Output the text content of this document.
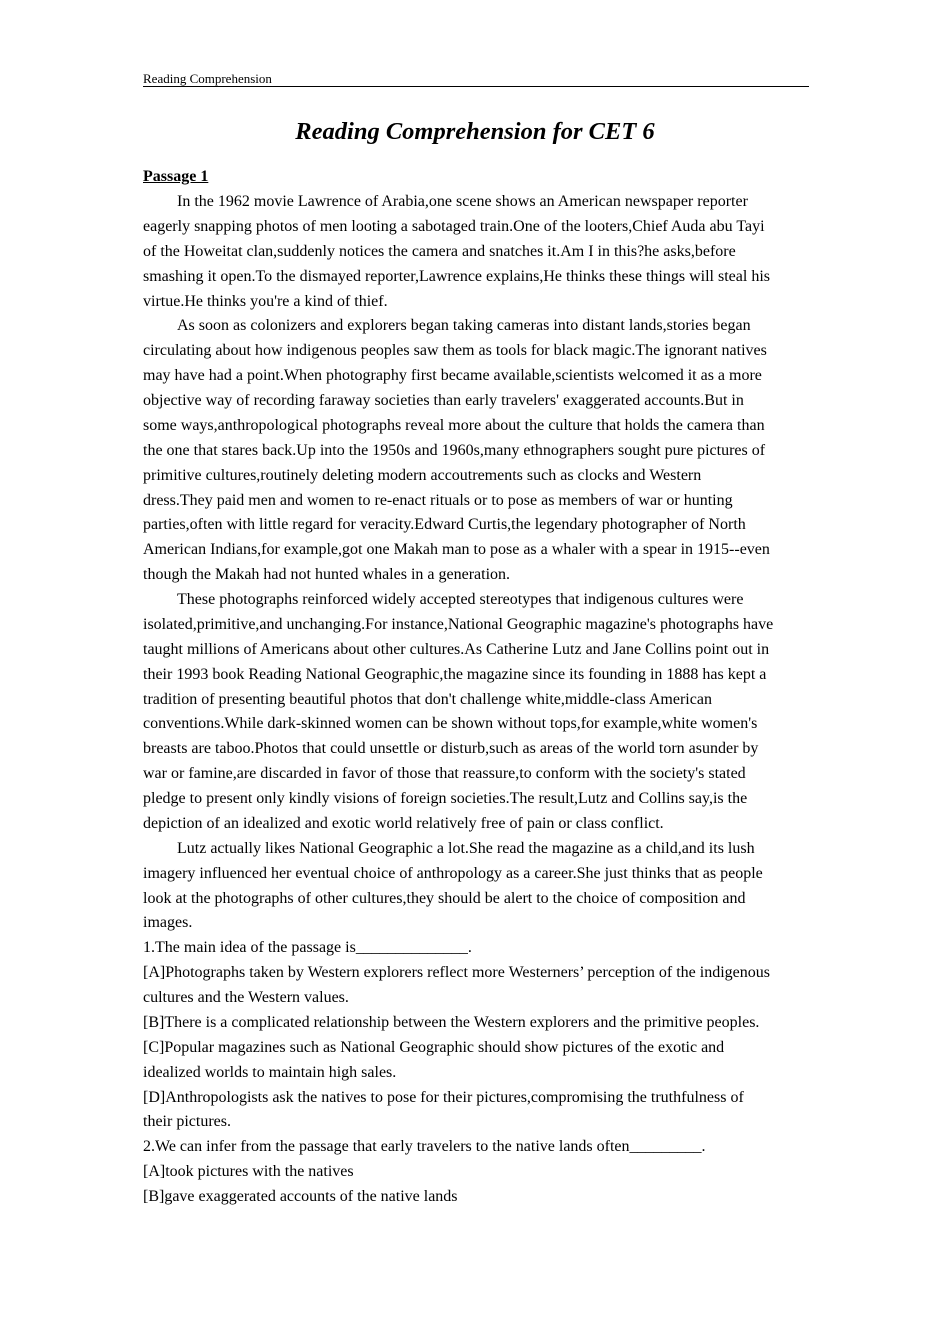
Reading Comprehension
Reading Comprehension for CET 6
Passage 1
In the 1962 movie Lawrence of Arabia,one scene shows an American newspaper reporter
eagerly snapping photos of men looting a sabotaged train.One of the looters,Chief Auda abu Tayi
of the Howeitat clan,suddenly notices the camera and snatches it.Am I in this?he asks,before
smashing it open.To the dismayed reporter,Lawrence explains,He thinks these things will steal his
virtue.He thinks you're a kind of thief.
As soon as colonizers and explorers began taking cameras into distant lands,stories began
circulating about how indigenous peoples saw them as tools for black magic.The ignorant natives
may have had a point.When photography first became available,scientists welcomed it as a more
objective way of recording faraway societies than early travelers' exaggerated accounts.But in
some ways,anthropological photographs reveal more about the culture that holds the camera than
the one that stares back.Up into the 1950s and 1960s,many ethnographers sought pure pictures of
primitive cultures,routinely deleting modern accoutrements such as clocks and Western
dress.They paid men and women to re-enact rituals or to pose as members of war or hunting
parties,often with little regard for veracity.Edward Curtis,the legendary photographer of North
American Indians,for example,got one Makah man to pose as a whaler with a spear in 1915--even
though the Makah had not hunted whales in a generation.
These photographs reinforced widely accepted stereotypes that indigenous cultures were
isolated,primitive,and unchanging.For instance,National Geographic magazine's photographs have
taught millions of Americans about other cultures.As Catherine Lutz and Jane Collins point out in
their 1993 book Reading National Geographic,the magazine since its founding in 1888 has kept a
tradition of presenting beautiful photos that don't challenge white,middle-class American
conventions.While dark-skinned women can be shown without tops,for example,white women's
breasts are taboo.Photos that could unsettle or disturb,such as areas of the world torn asunder by
war or famine,are discarded in favor of those that reassure,to conform with the society's stated
pledge to present only kindly visions of foreign societies.The result,Lutz and Collins say,is the
depiction of an idealized and exotic world relatively free of pain or class conflict.
Lutz actually likes National Geographic a lot.She read the magazine as a child,and its lush
imagery influenced her eventual choice of anthropology as a career.She just thinks that as people
look at the photographs of other cultures,they should be alert to the choice of composition and
images.
1.The main idea of the passage is______________.
[A]Photographs taken by Western explorers reflect more Westerners’ perception of the indigenous
cultures and the Western values.
[B]There is a complicated relationship between the Western explorers and the primitive peoples.
[C]Popular magazines such as National Geographic should show pictures of the exotic and
idealized worlds to maintain high sales.
[D]Anthropologists ask the natives to pose for their pictures,compromising the truthfulness of
their pictures.
2.We can infer from the passage that early travelers to the native lands often_________.
[A]took pictures with the natives
[B]gave exaggerated accounts of the native lands
